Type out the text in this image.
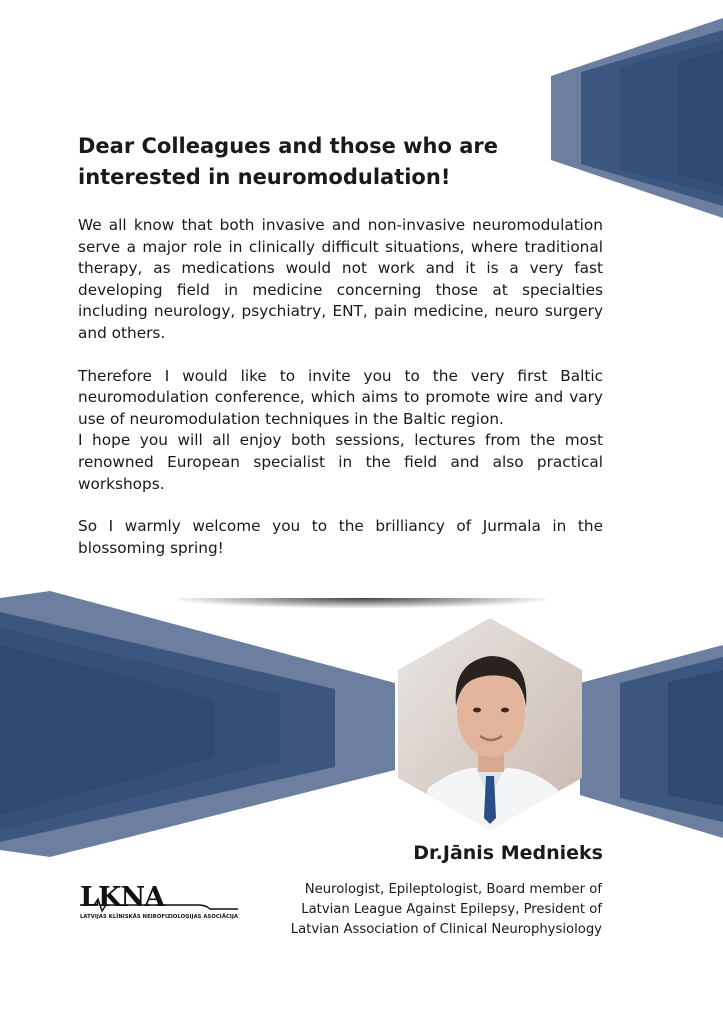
Dear Colleagues and those who are
interested in neuromodulation!

We all know that both invasive and non-invasive neuromodulation serve a major role in clinically difficult situations, where traditional therapy, as medications would not work and it is a very fast developing field in medicine concerning those at specialties including neurology, psychiatry, ENT, pain medicine, neuro surgery and others.

Therefore I would like to invite you to the very first Baltic neuromodulation conference, which aims to promote wire and vary use of neuromodulation techniques in the Baltic region.
I hope you will all enjoy both sessions, lectures from the most renowned European specialist in the field and also practical workshops.

So I warmly welcome you to the brilliancy of Jurmala in the blossoming spring!

Dr.Jānis Mednieks
Neurologist, Epileptologist, Board member of
Latvian League Against Epilepsy, President of
Latvian Association of Clinical Neurophysiology
LKNA
LATVIJAS KLĪNISKĀS NEIROFIZIOLOĢIJAS ASOCIĀCIJA
